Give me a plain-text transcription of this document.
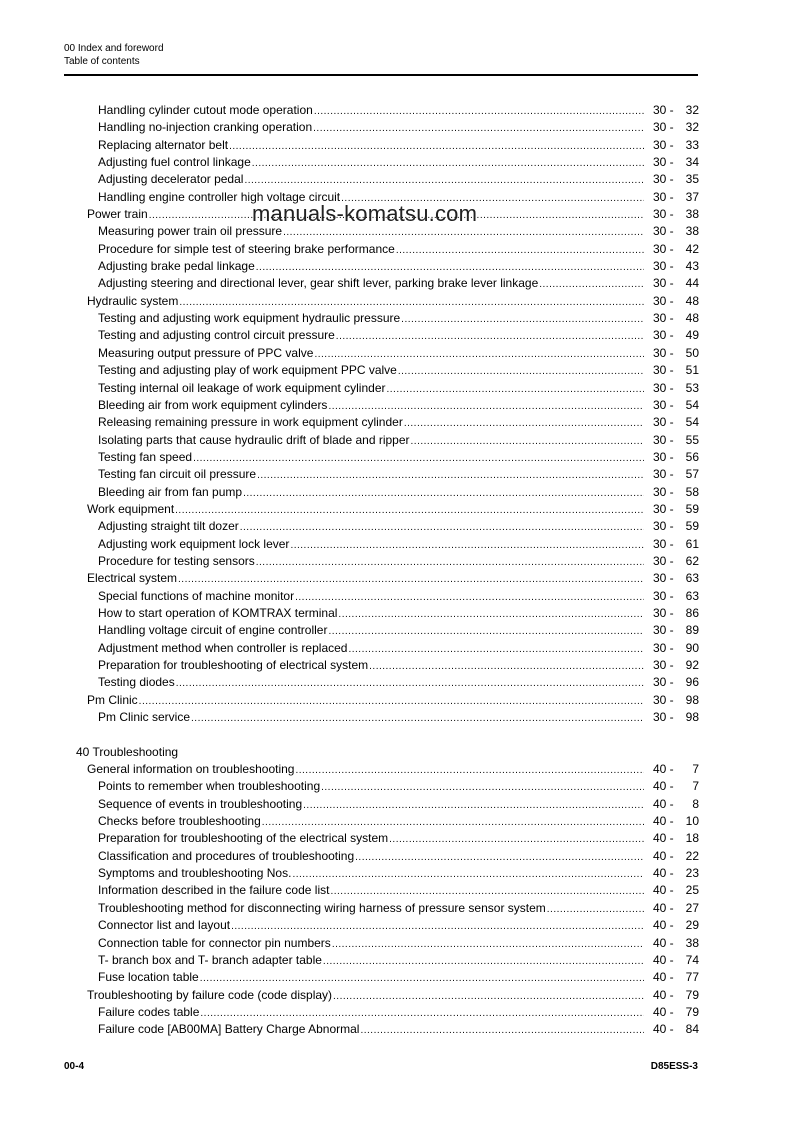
00 Index and foreword
Table of contents
Handling cylinder cutout mode operation .....	30 - 32
Handling no-injection cranking operation .....	30 - 32
Replacing alternator belt .....	30 - 33
Adjusting fuel control linkage .....	30 - 34
Adjusting decelerator pedal .....	30 - 35
Handling engine controller high voltage circuit .....	30 - 37
Power train .....	30 - 38
Measuring power train oil pressure .....	30 - 38
Procedure for simple test of steering brake performance .....	30 - 42
Adjusting brake pedal linkage .....	30 - 43
Adjusting steering and directional lever, gear shift lever, parking brake lever linkage .....	30 - 44
Hydraulic system .....	30 - 48
Testing and adjusting work equipment hydraulic pressure .....	30 - 48
Testing and adjusting control circuit pressure .....	30 - 49
Measuring output pressure of PPC valve .....	30 - 50
Testing and adjusting play of work equipment PPC valve .....	30 - 51
Testing internal oil leakage of work equipment cylinder .....	30 - 53
Bleeding air from work equipment cylinders .....	30 - 54
Releasing remaining pressure in work equipment cylinder .....	30 - 54
Isolating parts that cause hydraulic drift of blade and ripper .....	30 - 55
Testing fan speed .....	30 - 56
Testing fan circuit oil pressure .....	30 - 57
Bleeding air from fan pump .....	30 - 58
Work equipment .....	30 - 59
Adjusting straight tilt dozer .....	30 - 59
Adjusting work equipment lock lever .....	30 - 61
Procedure for testing sensors .....	30 - 62
Electrical system .....	30 - 63
Special functions of machine monitor .....	30 - 63
How to start operation of KOMTRAX terminal .....	30 - 86
Handling voltage circuit of engine controller .....	30 - 89
Adjustment method when controller is replaced .....	30 - 90
Preparation for troubleshooting of electrical system .....	30 - 92
Testing diodes .....	30 - 96
Pm Clinic .....	30 - 98
Pm Clinic service .....	30 - 98
40 Troubleshooting
General information on troubleshooting .....	40 -	7
Points to remember when troubleshooting .....	40 -	7
Sequence of events in troubleshooting .....	40 -	8
Checks before troubleshooting .....	40 - 10
Preparation for troubleshooting of the electrical system .....	40 - 18
Classification and procedures of troubleshooting .....	40 - 22
Symptoms and troubleshooting Nos. .....	40 - 23
Information described in the failure code list .....	40 - 25
Troubleshooting method for disconnecting wiring harness of pressure sensor system .....	40 - 27
Connector list and layout .....	40 - 29
Connection table for connector pin numbers .....	40 - 38
T- branch box and T- branch adapter table .....	40 - 74
Fuse location table .....	40 - 77
Troubleshooting by failure code (code display) .....	40 - 79
Failure codes table .....	40 - 79
Failure code [AB00MA] Battery Charge Abnormal .....	40 - 84
manuals-komatsu.com
00-4	D85ESS-3
